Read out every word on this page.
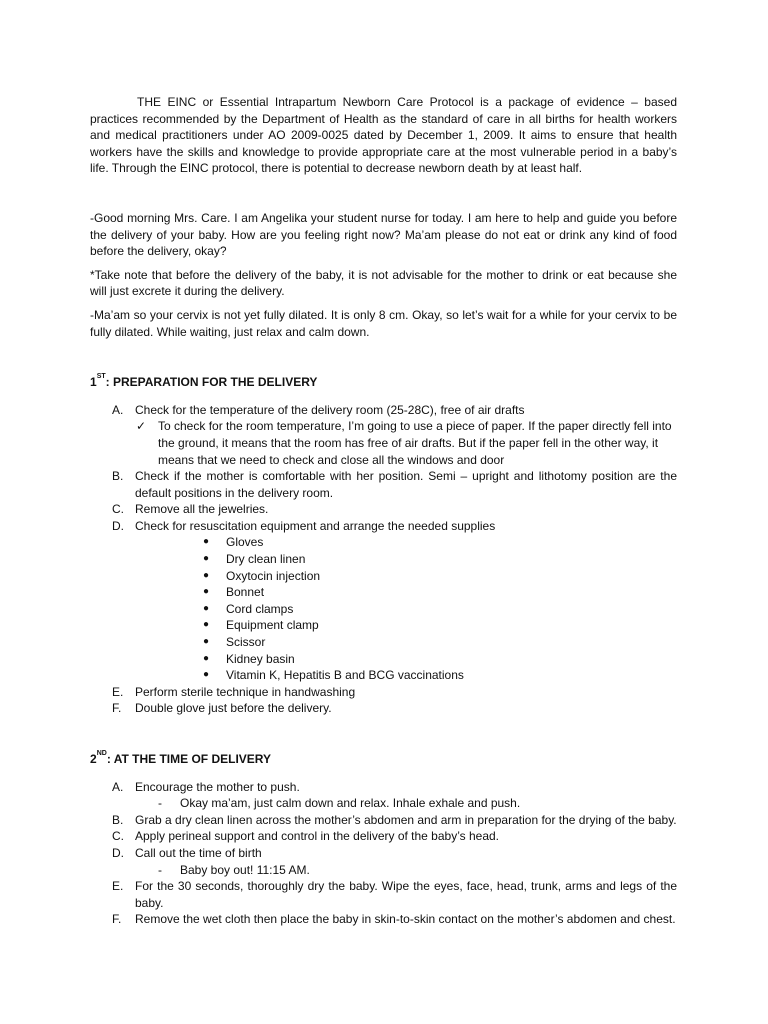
THE EINC or Essential Intrapartum Newborn Care Protocol is a package of evidence – based practices recommended by the Department of Health as the standard of care in all births for health workers and medical practitioners under AO 2009-0025 dated by December 1, 2009. It aims to ensure that health workers have the skills and knowledge to provide appropriate care at the most vulnerable period in a baby’s life. Through the EINC protocol, there is potential to decrease newborn death by at least half.

-Good morning Mrs. Care. I am Angelika your student nurse for today. I am here to help and guide you before the delivery of your baby. How are you feeling right now? Ma’am please do not eat or drink any kind of food before the delivery, okay?

*Take note that before the delivery of the baby, it is not advisable for the mother to drink or eat because she will just excrete it during the delivery.

-Ma’am so your cervix is not yet fully dilated. It is only 8 cm. Okay, so let’s wait for a while for your cervix to be fully dilated. While waiting, just relax and calm down.

1ST: PREPARATION FOR THE DELIVERY
A. Check for the temperature of the delivery room (25-28C), free of air drafts
✓ To check for the room temperature, I’m going to use a piece of paper. If the paper directly fell into the ground, it means that the room has free of air drafts. But if the paper fell in the other way, it means that we need to check and close all the windows and door
B. Check if the mother is comfortable with her position. Semi – upright and lithotomy position are the default positions in the delivery room.
C. Remove all the jewelries.
D. Check for resuscitation equipment and arrange the needed supplies
● Gloves
● Dry clean linen
● Oxytocin injection
● Bonnet
● Cord clamps
● Equipment clamp
● Scissor
● Kidney basin
● Vitamin K, Hepatitis B and BCG vaccinations
E. Perform sterile technique in handwashing
F.	Double glove just before the delivery.
2ND: AT THE TIME OF DELIVERY
A. Encourage the mother to push.
- Okay ma’am, just calm down and relax. Inhale exhale and push.
B. Grab a dry clean linen across the mother’s abdomen and arm in preparation for the drying of the baby.
C. Apply perineal support and control in the delivery of the baby’s head.
D. Call out the time of birth
- Baby boy out! 11:15 AM.
E. For the 30 seconds, thoroughly dry the baby. Wipe the eyes, face, head, trunk, arms and legs of the baby.
F.	Remove the wet cloth then place the baby in skin-to-skin contact on the mother’s abdomen and chest.
